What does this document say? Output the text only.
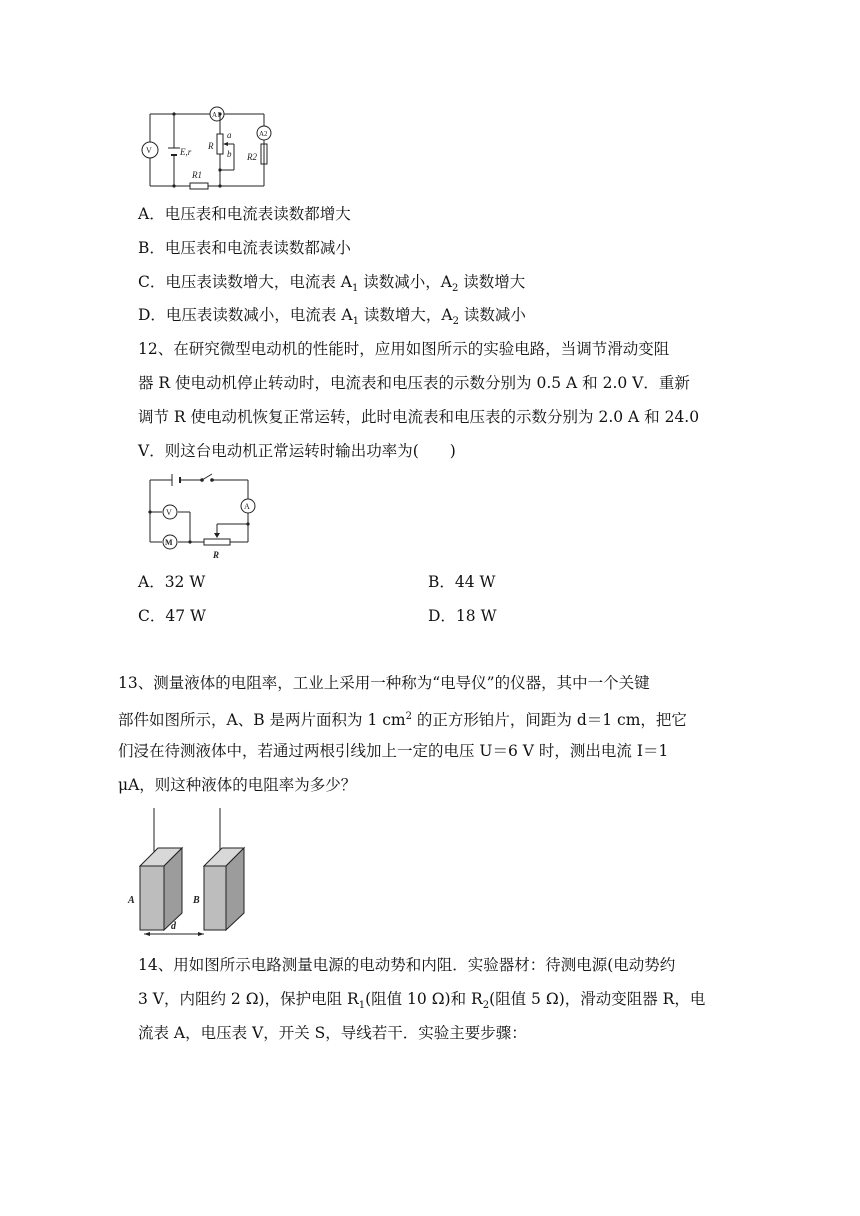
A1
A2
V	E,r
R
a
b
R1
R2
A．电压表和电流表读数都增大
B．电压表和电流表读数都减小
C．电压表读数增大，电流表 $A_1$ 读数减小，$A_2$ 读数增大
D．电压表读数减小，电流表 $A_1$ 读数增大，$A_2$ 读数减小
12、在研究微型电动机的性能时，应用如图所示的实验电路，当调节滑动变阻
器 R 使电动机停止转动时，电流表和电压表的示数分别为 0.5 A 和 2.0 V．重新
调节 R 使电动机恢复正常运转，此时电流表和电压表的示数分别为 2.0 A 和 24.0
V．则这台电动机正常运转时输出功率为(　　)
V
A
M
R
A．32 W	B．44 W
C．47 W	D．18 W
13、测量液体的电阻率，工业上采用一种称为“电导仪”的仪器，其中一个关键
部件如图所示，A、B 是两片面积为 1 $cm^2$ 的正方形铂片，间距为 d＝1 cm，把它
们浸在待测液体中，若通过两根引线加上一定的电压 U＝6 V 时，测出电流 I＝1
μA，则这种液体的电阻率为多少？
A	B
d
14、用如图所示电路测量电源的电动势和内阻．实验器材：待测电源(电动势约
3 V，内阻约 2 Ω)，保护电阻 $R_1$(阻值 10 Ω)和 $R_2$(阻值 5 Ω)，滑动变阻器 R，电
流表 A，电压表 V，开关 S，导线若干．实验主要步骤：
